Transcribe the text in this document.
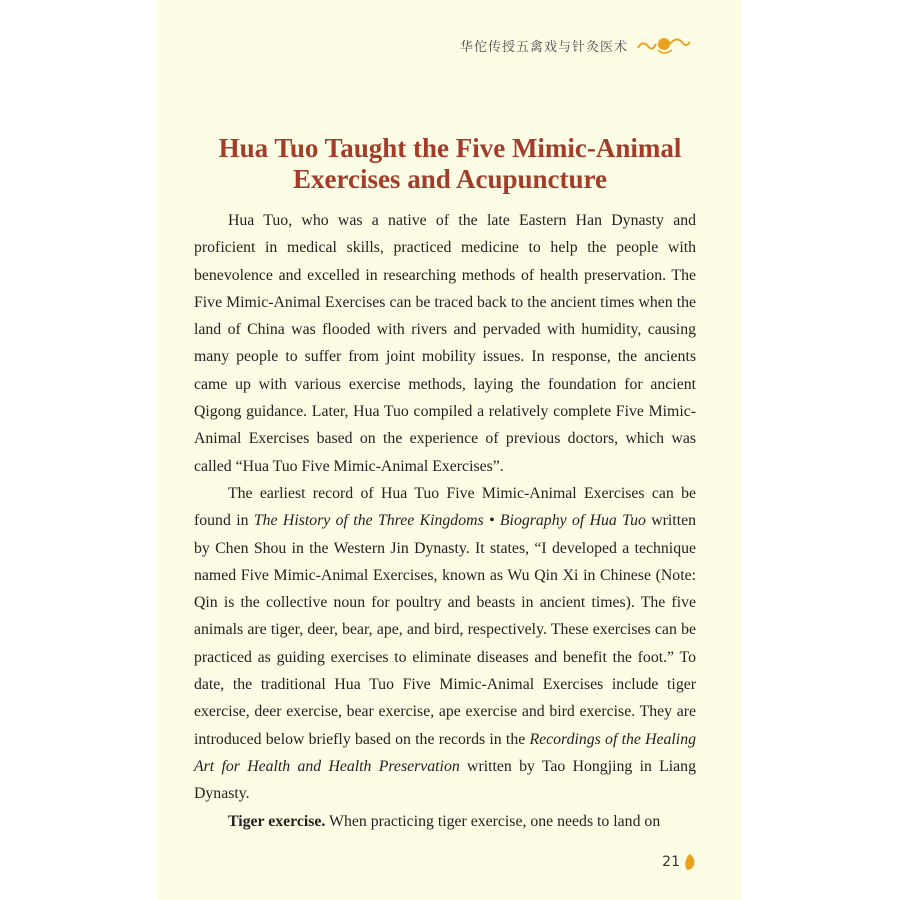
华佗传授五禽戏与针灸医术
Hua Tuo Taught the Five Mimic-Animal
Exercises and Acupuncture

Hua Tuo, who was a native of the late Eastern Han Dynasty and proficient in medical skills, practiced medicine to help the people with benevolence and excelled in researching methods of health preservation. The Five Mimic-Animal Exercises can be traced back to the ancient times when the land of China was flooded with rivers and pervaded with humidity, causing many people to suffer from joint mobility issues. In response, the ancients came up with various exercise methods, laying the foundation for ancient Qigong guidance. Later, Hua Tuo compiled a relatively complete Five Mimic-Animal Exercises based on the experience of previous doctors, which was called “Hua Tuo Five Mimic-Animal Exercises”.

The earliest record of Hua Tuo Five Mimic-Animal Exercises can be found in The History of the Three Kingdoms • Biography of Hua Tuo written by Chen Shou in the Western Jin Dynasty. It states, “I developed a technique named Five Mimic-Animal Exercises, known as Wu Qin Xi in Chinese (Note: Qin is the collective noun for poultry and beasts in ancient times). The five animals are tiger, deer, bear, ape, and bird, respectively. These exercises can be practiced as guiding exercises to eliminate diseases and benefit the foot.” To date, the traditional Hua Tuo Five Mimic-Animal Exercises include tiger exercise, deer exercise, bear exercise, ape exercise and bird exercise. They are introduced below briefly based on the records in the Recordings of the Healing Art for Health and Health Preservation written by Tao Hongjing in Liang Dynasty.

Tiger exercise. When practicing tiger exercise, one needs to land on

21
